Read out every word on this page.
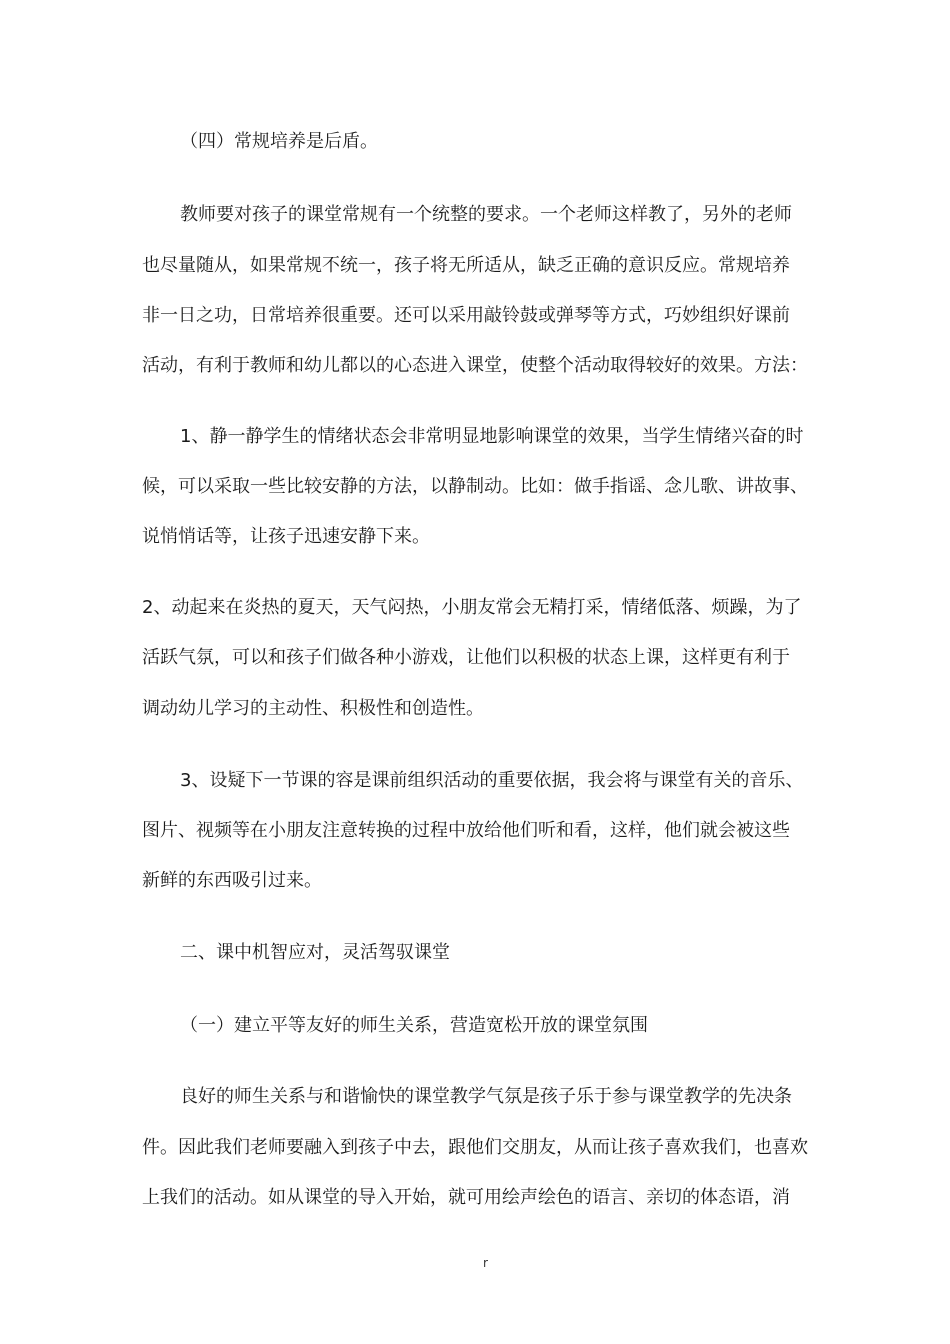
（四）常规培养是后盾。
教师要对孩子的课堂常规有一个统整的要求。一个老师这样教了，另外的老师
也尽量随从，如果常规不统一，孩子将无所适从，缺乏正确的意识反应。常规培养
非一日之功，日常培养很重要。还可以采用敲铃鼓或弹琴等方式，巧妙组织好课前
活动，有利于教师和幼儿都以的心态进入课堂，使整个活动取得较好的效果。方法：
1、静一静学生的情绪状态会非常明显地影响课堂的效果，当学生情绪兴奋的时
候，可以采取一些比较安静的方法，以静制动。比如：做手指谣、念儿歌、讲故事、
说悄悄话等，让孩子迅速安静下来。
2、动起来在炎热的夏天，天气闷热，小朋友常会无精打采，情绪低落、烦躁，为了
活跃气氛，可以和孩子们做各种小游戏，让他们以积极的状态上课，这样更有利于
调动幼儿学习的主动性、积极性和创造性。
3、设疑下一节课的容是课前组织活动的重要依据，我会将与课堂有关的音乐、
图片、视频等在小朋友注意转换的过程中放给他们听和看，这样，他们就会被这些
新鲜的东西吸引过来。
二、课中机智应对，灵活驾驭课堂
（一）建立平等友好的师生关系，营造宽松开放的课堂氛围
良好的师生关系与和谐愉快的课堂教学气氛是孩子乐于参与课堂教学的先决条
件。因此我们老师要融入到孩子中去，跟他们交朋友，从而让孩子喜欢我们，也喜欢
上我们的活动。如从课堂的导入开始，就可用绘声绘色的语言、亲切的体态语，消
r
